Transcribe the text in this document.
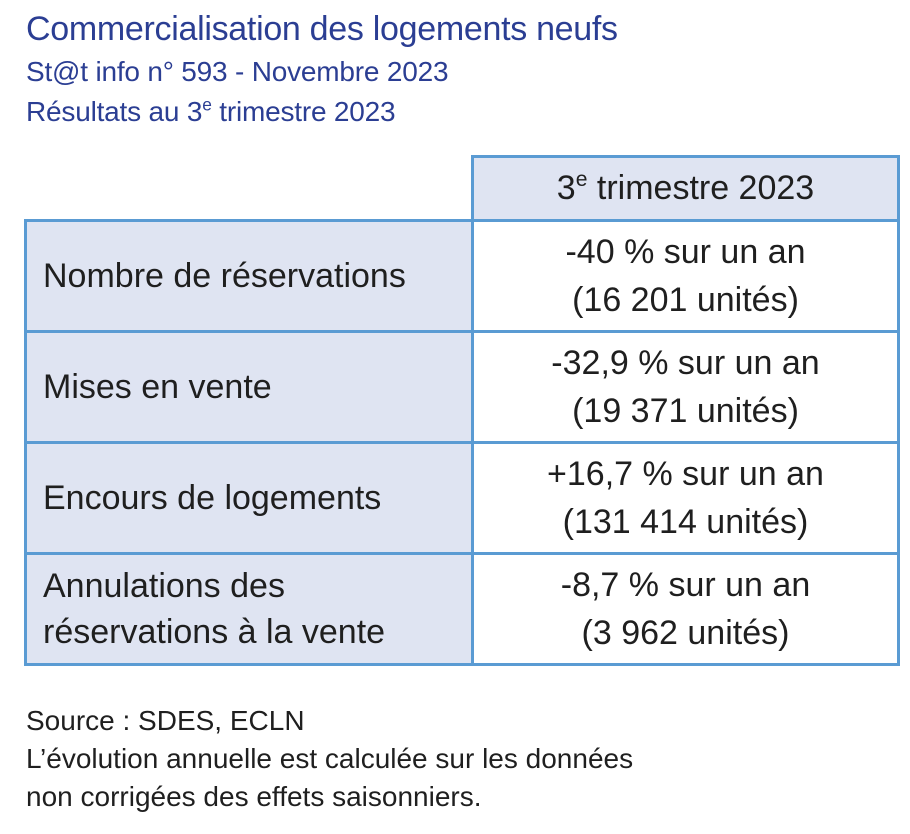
Commercialisation des logements neufs
St@t info n° 593 - Novembre 2023
Résultats au 3e trimestre 2023
	3e trimestre 2023
Nombre de réservations	-40 % sur un an
(16 201 unités)

Mises en vente	-32,9 % sur un an
(19 371 unités)

Encours de logements	+16,7 % sur un an
(131 414 unités)

Annulations des réservations à la vente	-8,7 % sur un an
(3 962 unités)
Source : SDES, ECLN
L’évolution annuelle est calculée sur les données
non corrigées des effets saisonniers.
